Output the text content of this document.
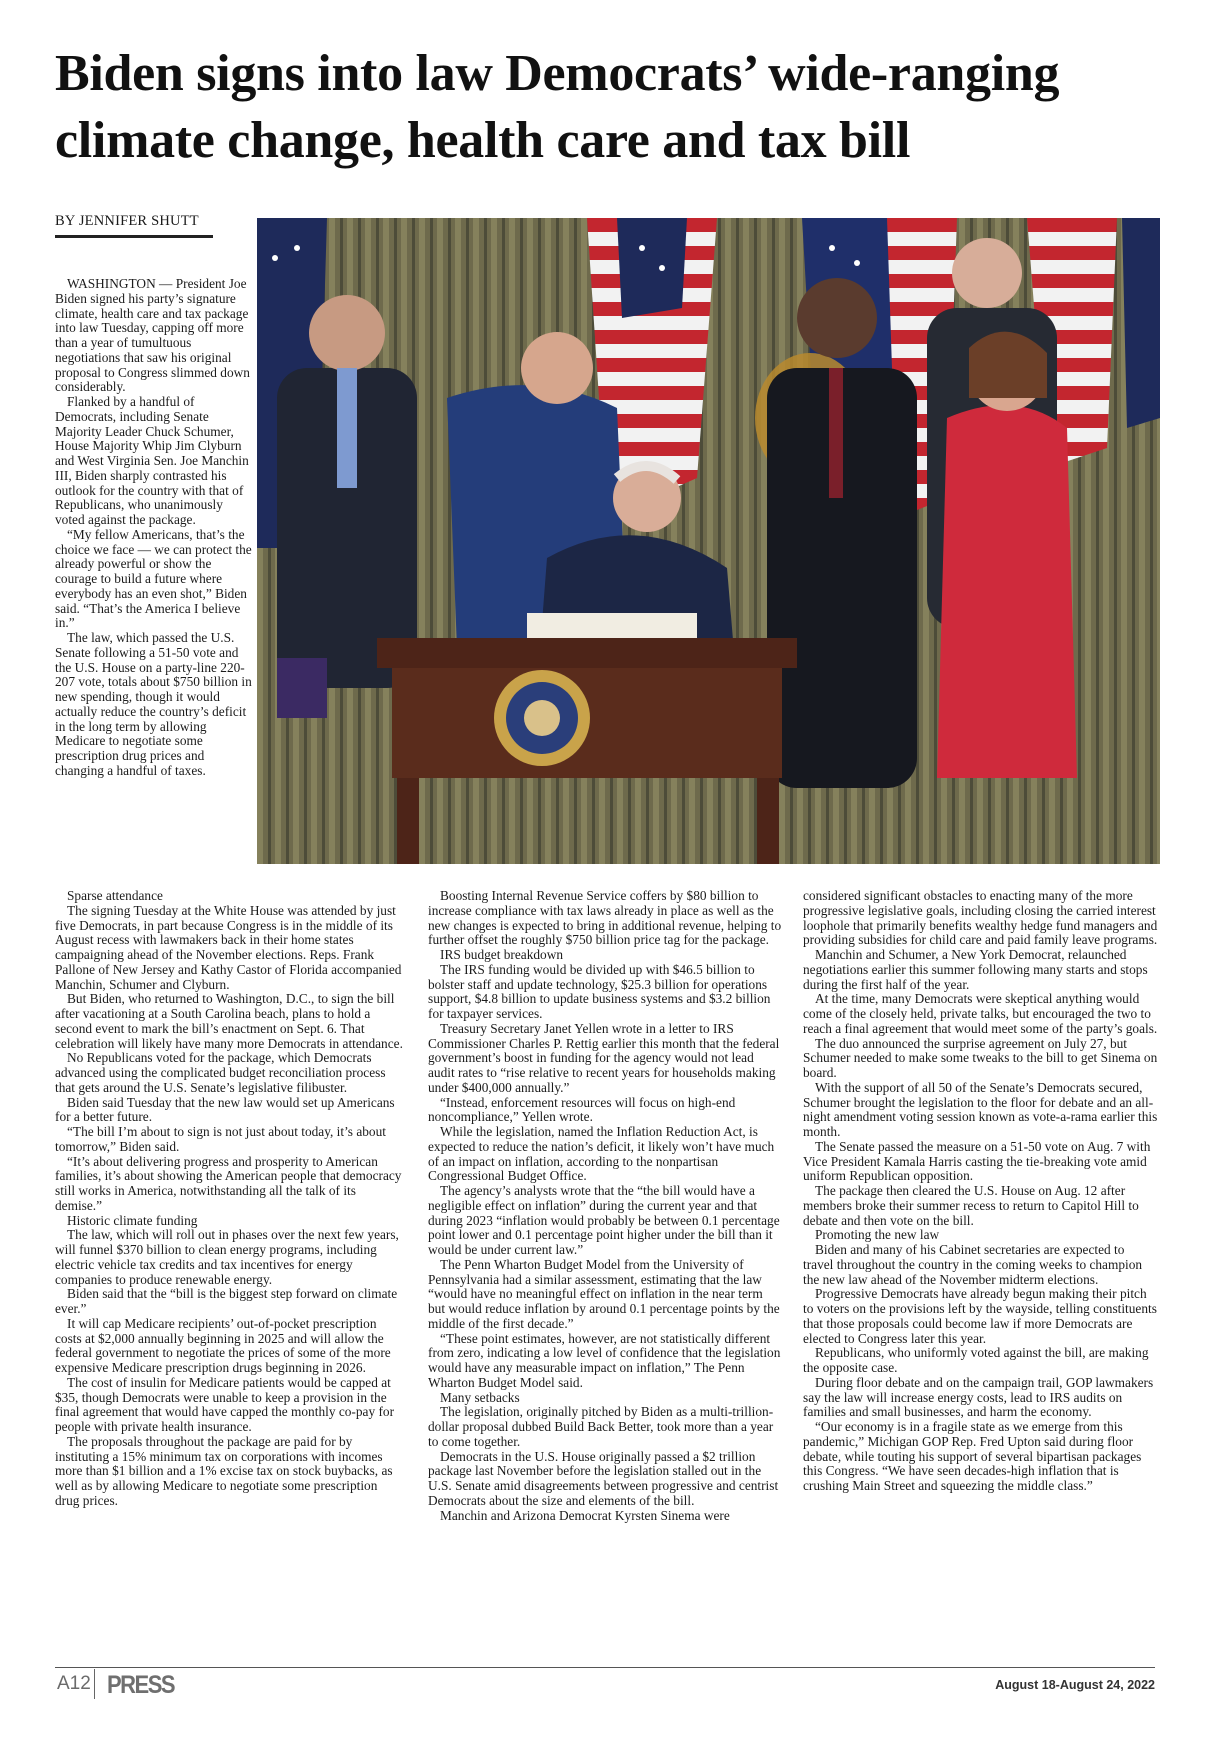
Biden signs into law Democrats’ wide-ranging climate change, health care and tax bill
BY JENNIFER SHUTT

WASHINGTON — President Joe Biden signed his party’s signature climate, health care and tax package into law Tuesday, capping off more than a year of tumultuous negotiations that saw his original proposal to Congress slimmed down considerably.

Flanked by a handful of Democrats, including Senate Majority Leader Chuck Schumer, House Majority Whip Jim Clyburn and West Virginia Sen. Joe Manchin III, Biden sharply contrasted his outlook for the country with that of Republicans, who unanimously voted against the package.

“My fellow Americans, that’s the choice we face — we can protect the already powerful or show the courage to build a future where everybody has an even shot,” Biden said. “That’s the America I believe in.”

The law, which passed the U.S. Senate following a 51-50 vote and the U.S. House on a party-line 220-207 vote, totals about $750 billion in new spending, though it would actually reduce the country’s deficit in the long term by allowing Medicare to negotiate some prescription drug prices and changing a handful of taxes.

Sparse attendance

The signing Tuesday at the White House was attended by just five Democrats, in part because Congress is in the middle of its August recess with lawmakers back in their home states campaigning ahead of the November elections. Reps. Frank Pallone of New Jersey and Kathy Castor of Florida accompanied Manchin, Schumer and Clyburn.

But Biden, who returned to Washington, D.C., to sign the bill after vacationing at a South Carolina beach, plans to hold a second event to mark the bill’s enactment on Sept. 6. That celebration will likely have many more Democrats in attendance.

No Republicans voted for the package, which Democrats advanced using the complicated budget reconciliation process that gets around the U.S. Senate’s legislative filibuster.

Biden said Tuesday that the new law would set up Americans for a better future.

“The bill I’m about to sign is not just about today, it’s about tomorrow,” Biden said.

“It’s about delivering progress and prosperity to American families, it’s about showing the American people that democracy still works in America, notwithstanding all the talk of its demise.”

Historic climate funding

The law, which will roll out in phases over the next few years, will funnel $370 billion to clean energy programs, including electric vehicle tax credits and tax incentives for energy companies to produce renewable energy.

Biden said that the “bill is the biggest step forward on climate ever.”

It will cap Medicare recipients’ out-of-pocket prescription costs at $2,000 annually beginning in 2025 and will allow the federal government to negotiate the prices of some of the more expensive Medicare prescription drugs beginning in 2026.

The cost of insulin for Medicare patients would be capped at $35, though Democrats were unable to keep a provision in the final agreement that would have capped the monthly co-pay for people with private health insurance.

The proposals throughout the package are paid for by instituting a 15% minimum tax on corporations with incomes more than $1 billion and a 1% excise tax on stock buybacks, as well as by allowing Medicare to negotiate some prescription drug prices.

Boosting Internal Revenue Service coffers by $80 billion to increase compliance with tax laws already in place as well as the new changes is expected to bring in additional revenue, helping to further offset the roughly $750 billion price tag for the package.

IRS budget breakdown

The IRS funding would be divided up with $46.5 billion to bolster staff and update technology, $25.3 billion for operations support, $4.8 billion to update business systems and $3.2 billion for taxpayer services.

Treasury Secretary Janet Yellen wrote in a letter to IRS Commissioner Charles P. Rettig earlier this month that the federal government’s boost in funding for the agency would not lead audit rates to “rise relative to recent years for households making under $400,000 annually.”

“Instead, enforcement resources will focus on high-end noncompliance,” Yellen wrote.

While the legislation, named the Inflation Reduction Act, is expected to reduce the nation’s deficit, it likely won’t have much of an impact on inflation, according to the nonpartisan Congressional Budget Office.

The agency’s analysts wrote that the “the bill would have a negligible effect on inflation” during the current year and that during 2023 “inflation would probably be between 0.1 percentage point lower and 0.1 percentage point higher under the bill than it would be under current law.”

The Penn Wharton Budget Model from the University of Pennsylvania had a similar assessment, estimating that the law “would have no meaningful effect on inflation in the near term but would reduce inflation by around 0.1 percentage points by the middle of the first decade.”

“These point estimates, however, are not statistically different from zero, indicating a low level of confidence that the legislation would have any measurable impact on inflation,” The Penn Wharton Budget Model said.

Many setbacks

The legislation, originally pitched by Biden as a multi-trillion-dollar proposal dubbed Build Back Better, took more than a year to come together.

Democrats in the U.S. House originally passed a $2 trillion package last November before the legislation stalled out in the U.S. Senate amid disagreements between progressive and centrist Democrats about the size and elements of the bill.

Manchin and Arizona Democrat Kyrsten Sinema were

considered significant obstacles to enacting many of the more progressive legislative goals, including closing the carried interest loophole that primarily benefits wealthy hedge fund managers and providing subsidies for child care and paid family leave programs.

Manchin and Schumer, a New York Democrat, relaunched negotiations earlier this summer following many starts and stops during the first half of the year.

At the time, many Democrats were skeptical anything would come of the closely held, private talks, but encouraged the two to reach a final agreement that would meet some of the party’s goals.

The duo announced the surprise agreement on July 27, but Schumer needed to make some tweaks to the bill to get Sinema on board.

With the support of all 50 of the Senate’s Democrats secured, Schumer brought the legislation to the floor for debate and an all-night amendment voting session known as vote-a-rama earlier this month.

The Senate passed the measure on a 51-50 vote on Aug. 7 with Vice President Kamala Harris casting the tie-breaking vote amid uniform Republican opposition.

The package then cleared the U.S. House on Aug. 12 after members broke their summer recess to return to Capitol Hill to debate and then vote on the bill.

Promoting the new law

Biden and many of his Cabinet secretaries are expected to travel throughout the country in the coming weeks to champion the new law ahead of the November midterm elections.

Progressive Democrats have already begun making their pitch to voters on the provisions left by the wayside, telling constituents that those proposals could become law if more Democrats are elected to Congress later this year.

Republicans, who uniformly voted against the bill, are making the opposite case.

During floor debate and on the campaign trail, GOP lawmakers say the law will increase energy costs, lead to IRS audits on families and small businesses, and harm the economy.

“Our economy is in a fragile state as we emerge from this pandemic,” Michigan GOP Rep. Fred Upton said during floor debate, while touting his support of several bipartisan packages this Congress. “We have seen decades-high inflation that is crushing Main Street and squeezing the middle class.”

A12 PRESS	August 18-August 24, 2022
